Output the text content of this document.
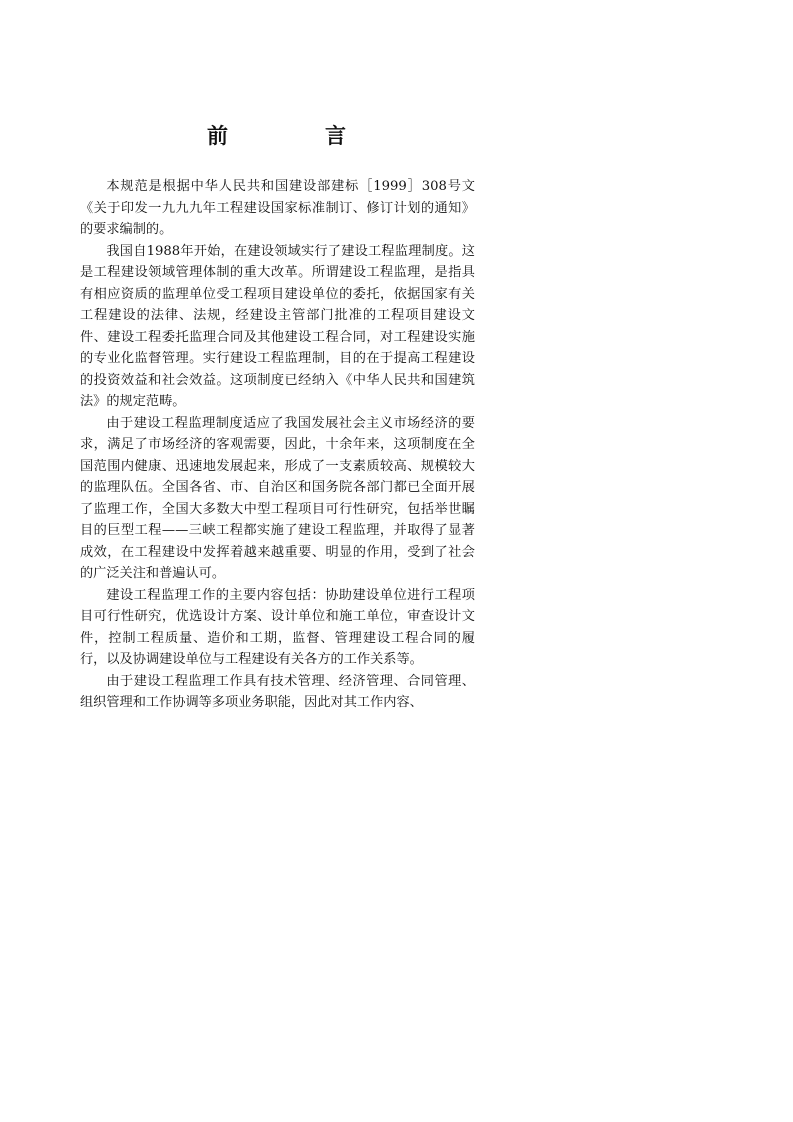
前　言

本规范是根据中华人民共和国建设部建标［1999］308号文《关于印发一九九九年工程建设国家标准制订、修订计划的通知》的要求编制的。

我国自1988年开始，在建设领域实行了建设工程监理制度。这是工程建设领域管理体制的重大改革。所谓建设工程监理，是指具有相应资质的监理单位受工程项目建设单位的委托，依据国家有关工程建设的法律、法规，经建设主管部门批准的工程项目建设文件、建设工程委托监理合同及其他建设工程合同，对工程建设实施的专业化监督管理。实行建设工程监理制，目的在于提高工程建设的投资效益和社会效益。这项制度已经纳入《中华人民共和国建筑法》的规定范畴。

由于建设工程监理制度适应了我国发展社会主义市场经济的要求，满足了市场经济的客观需要，因此，十余年来，这项制度在全国范围内健康、迅速地发展起来，形成了一支素质较高、规模较大的监理队伍。全国各省、市、自治区和国务院各部门都已全面开展了监理工作，全国大多数大中型工程项目可行性研究，包括举世瞩目的巨型工程——三峡工程都实施了建设工程监理，并取得了显著成效，在工程建设中发挥着越来越重要、明显的作用，受到了社会的广泛关注和普遍认可。

建设工程监理工作的主要内容包括：协助建设单位进行工程项目可行性研究，优选设计方案、设计单位和施工单位，审查设计文件，控制工程质量、造价和工期，监督、管理建设工程合同的履行，以及协调建设单位与工程建设有关各方的工作关系等。

由于建设工程监理工作具有技术管理、经济管理、合同管理、组织管理和工作协调等多项业务职能，因此对其工作内容、
